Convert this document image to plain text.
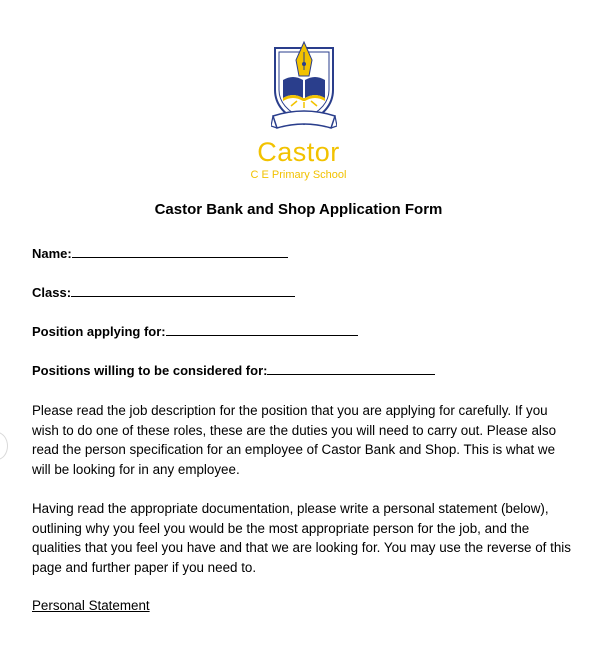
Castor
C E Primary School
Castor Bank and Shop Application Form
Name:
Class:
Position applying for:
Positions willing to be considered for:
Please read the job description for the position that you are applying for carefully. If you wish to do one of these roles, these are the duties you will need to carry out. Please also read the person specification for an employee of Castor Bank and Shop. This is what we will be looking for in any employee.
Having read the appropriate documentation, please write a personal statement (below), outlining why you feel you would be the most appropriate person for the job, and the qualities that you feel you have and that we are looking for. You may use the reverse of this page and further paper if you need to.
Personal Statement
